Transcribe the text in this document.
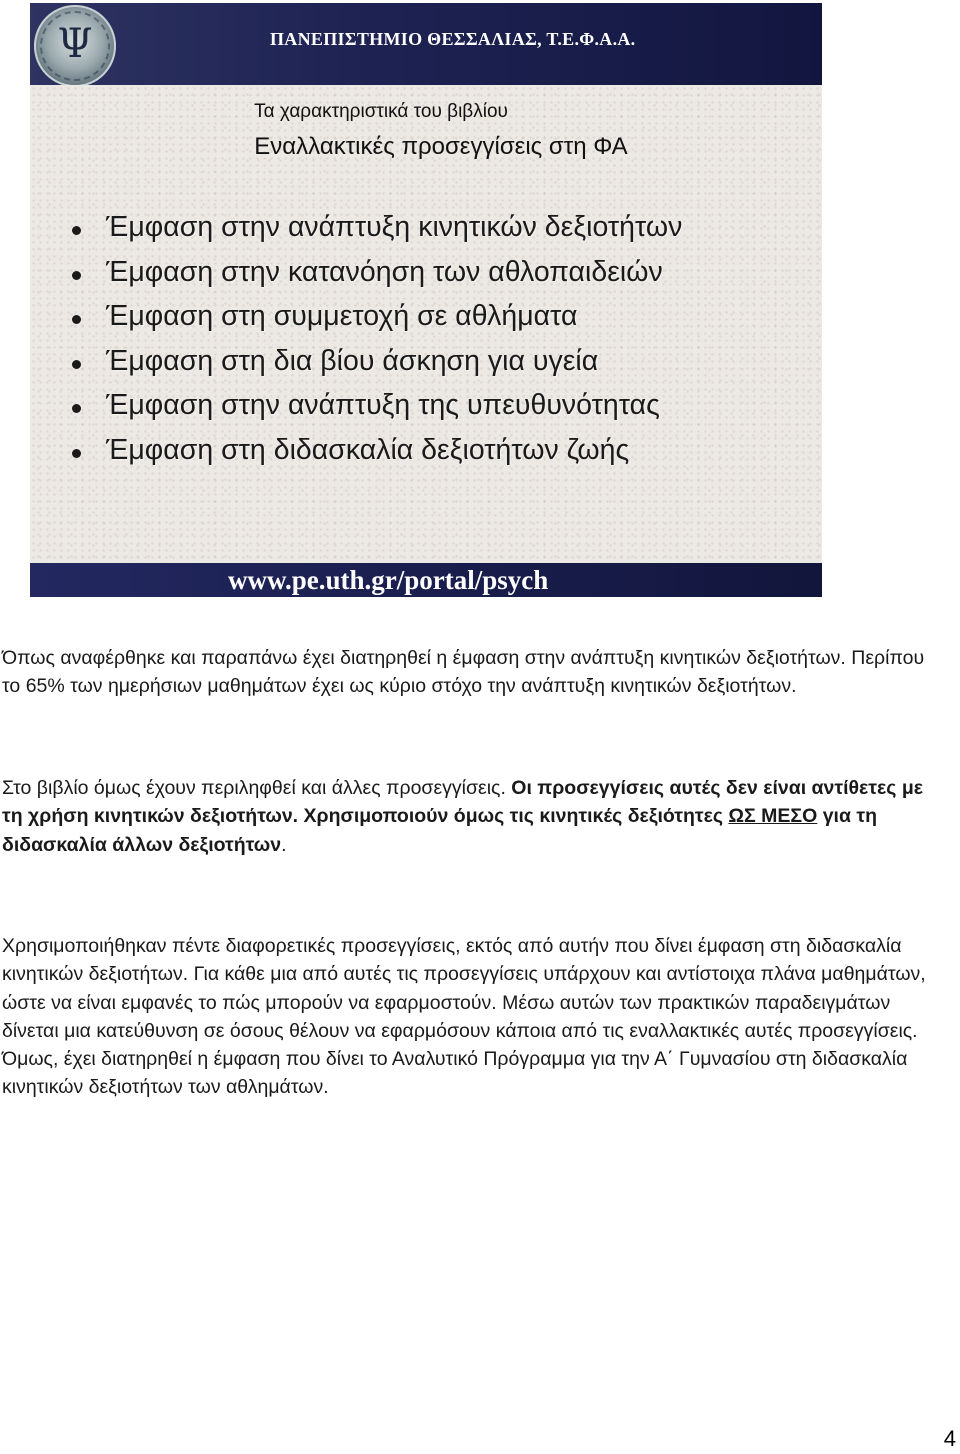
Ψ	ΠΑΝΕΠΙΣΤΗΜΙΟ ΘΕΣΣΑΛΙΑΣ, Τ.Ε.Φ.Α.Α.
Τα χαρακτηριστικά του βιβλίου
Εναλλακτικές προσεγγίσεις στη ΦΑ
Έμφαση στην ανάπτυξη κινητικών δεξιοτήτων
Έμφαση στην κατανόηση των αθλοπαιδειών
Έμφαση στη συμμετοχή σε αθλήματα
Έμφαση στη δια βίου άσκηση για υγεία
Έμφαση στην ανάπτυξη της υπευθυνότητας
Έμφαση στη διδασκαλία δεξιοτήτων ζωής
www.pe.uth.gr/portal/psych

Όπως αναφέρθηκε και παραπάνω έχει διατηρηθεί η έμφαση στην ανάπτυξη κινητικών δεξιοτήτων. Περίπου το 65% των ημερήσιων μαθημάτων έχει ως κύριο στόχο την ανάπτυξη κινητικών δεξιοτήτων.

Στο βιβλίο όμως έχουν περιληφθεί και άλλες προσεγγίσεις. Οι προσεγγίσεις αυτές δεν είναι αντίθετες με τη χρήση κινητικών δεξιοτήτων. Χρησιμοποιούν όμως τις κινητικές δεξιότητες ΩΣ ΜΕΣΟ για τη διδασκαλία άλλων δεξιοτήτων.

Χρησιμοποιήθηκαν πέντε διαφορετικές προσεγγίσεις, εκτός από αυτήν που δίνει έμφαση στη διδασκαλία κινητικών δεξιοτήτων. Για κάθε μια από αυτές τις προσεγγίσεις υπάρχουν και αντίστοιχα πλάνα μαθημάτων, ώστε να είναι εμφανές το πώς μπορούν να εφαρμοστούν. Μέσω αυτών των πρακτικών παραδειγμάτων δίνεται μια κατεύθυνση σε όσους θέλουν να εφαρμόσουν κάποια από τις εναλλακτικές αυτές προσεγγίσεις. Όμως, έχει διατηρηθεί η έμφαση που δίνει το Αναλυτικό Πρόγραμμα για την Α΄ Γυμνασίου στη διδασκαλία κινητικών δεξιοτήτων των αθλημάτων.

4
